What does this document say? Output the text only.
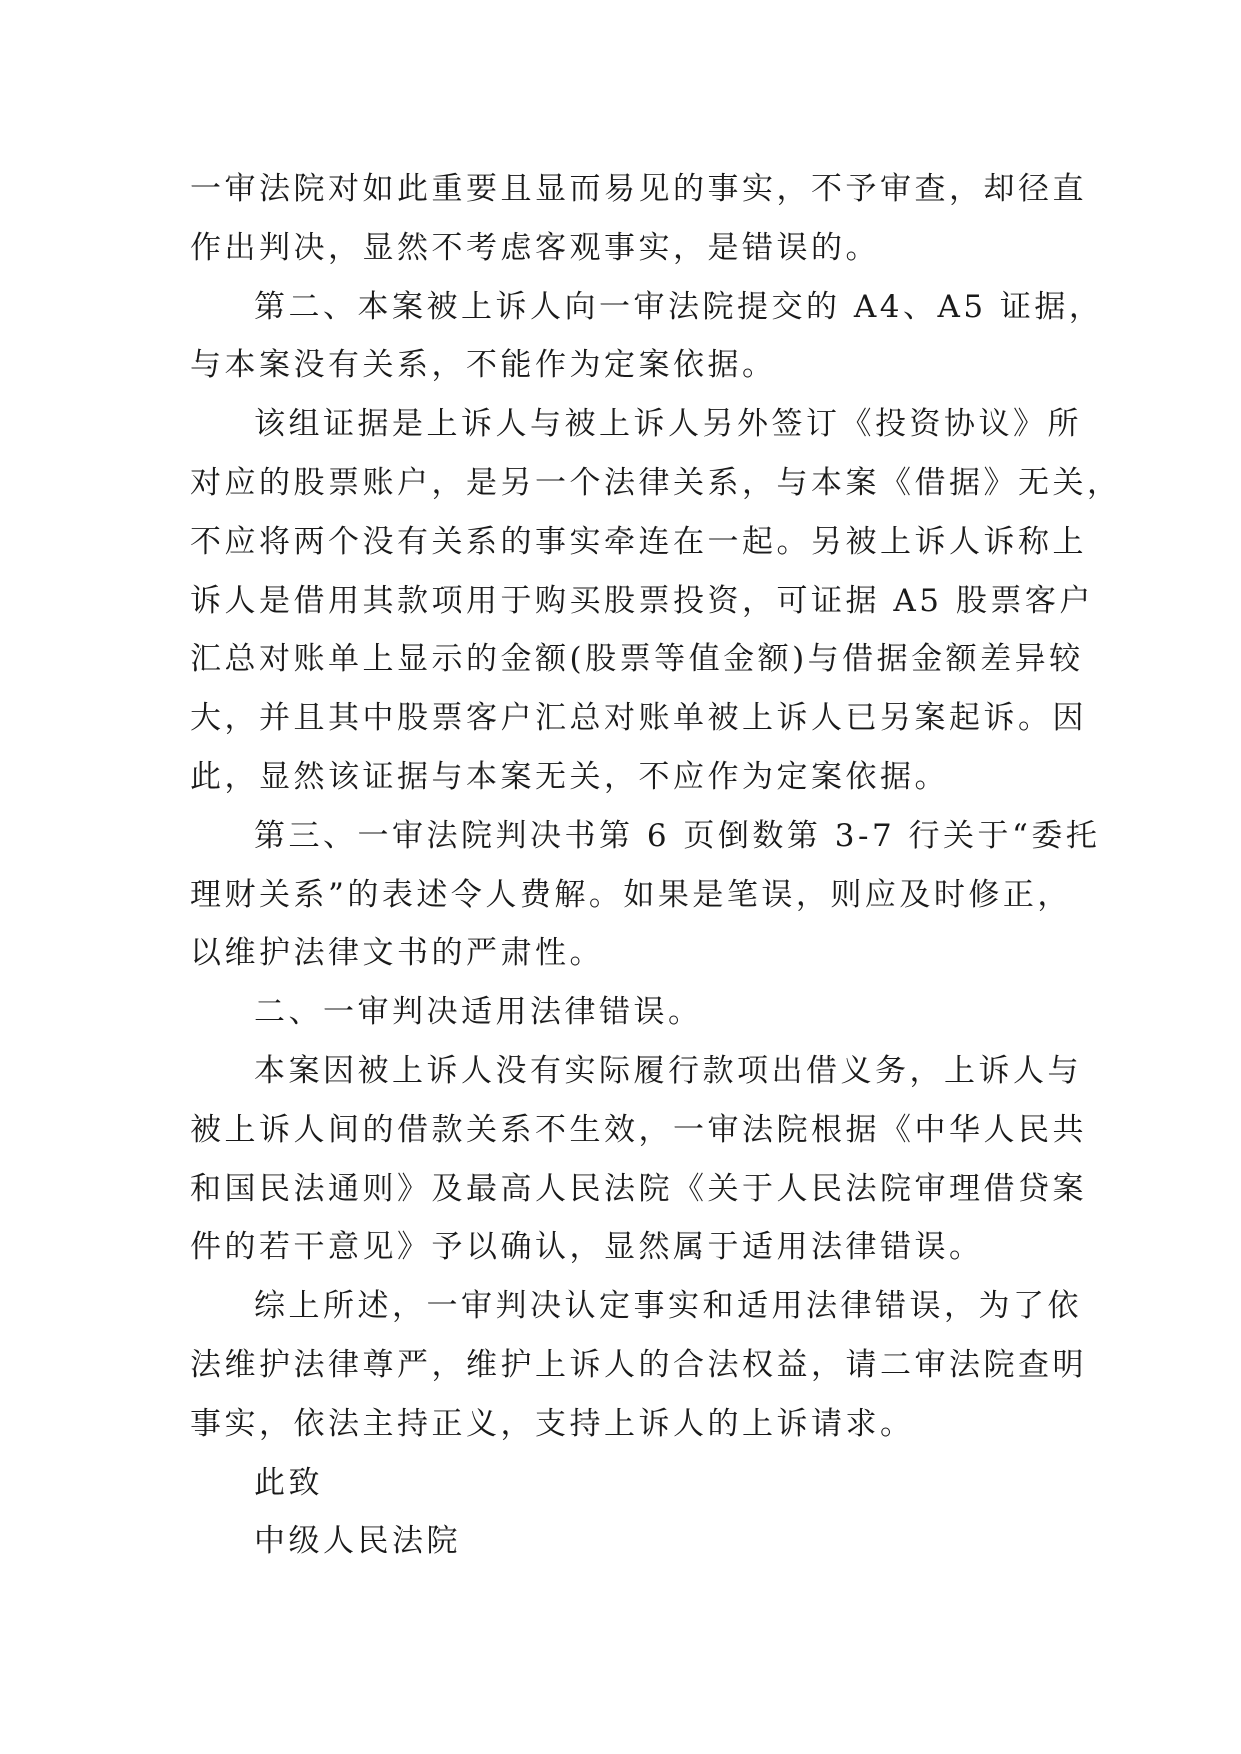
一审法院对如此重要且显而易见的事实，不予审查，却径直
作出判决，显然不考虑客观事实，是错误的。
第二、本案被上诉人向一审法院提交的 A4、A5 证据，
与本案没有关系，不能作为定案依据。
该组证据是上诉人与被上诉人另外签订《投资协议》所
对应的股票账户，是另一个法律关系，与本案《借据》无关，
不应将两个没有关系的事实牵连在一起。另被上诉人诉称上
诉人是借用其款项用于购买股票投资，可证据 A5 股票客户
汇总对账单上显示的金额(股票等值金额)与借据金额差异较
大，并且其中股票客户汇总对账单被上诉人已另案起诉。因
此，显然该证据与本案无关，不应作为定案依据。
第三、一审法院判决书第 6 页倒数第 3-7 行关于“委托
理财关系”的表述令人费解。如果是笔误，则应及时修正，
以维护法律文书的严肃性。
二、一审判决适用法律错误。
本案因被上诉人没有实际履行款项出借义务，上诉人与
被上诉人间的借款关系不生效，一审法院根据《中华人民共
和国民法通则》及最高人民法院《关于人民法院审理借贷案
件的若干意见》予以确认，显然属于适用法律错误。
综上所述，一审判决认定事实和适用法律错误，为了依
法维护法律尊严，维护上诉人的合法权益，请二审法院查明
事实，依法主持正义，支持上诉人的上诉请求。
此致
中级人民法院
